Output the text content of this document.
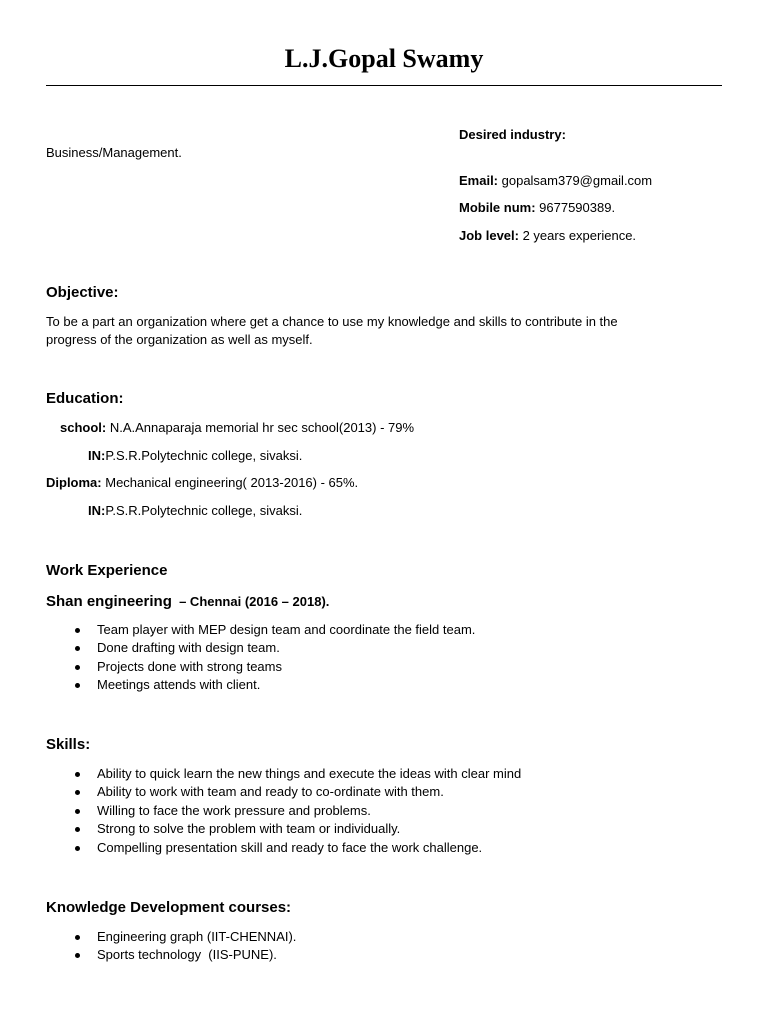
L.J.Gopal Swamy
Desired industry:
Business/Management.
Email: gopalsam379@gmail.com
Mobile num: 9677590389.
Job level: 2 years experience.
Objective:
To be a part an organization where get a chance to use my knowledge and skills to contribute in the
progress of the organization as well as myself.
Education:
school: N.A.Annaparaja memorial hr sec school(2013) - 79%
IN:P.S.R.Polytechnic college, sivaksi.
Diploma: Mechanical engineering( 2013-2016) - 65%.
IN:P.S.R.Polytechnic college, sivaksi.
Work Experience
Shan engineering  – Chennai (2016 – 2018).
Team player with MEP design team and coordinate the field team.
Done drafting with design team.
Projects done with strong teams
Meetings attends with client.
Skills:
Ability to quick learn the new things and execute the ideas with clear mind
Ability to work with team and ready to co-ordinate with them.
Willing to face the work pressure and problems.
Strong to solve the problem with team or individually.
Compelling presentation skill and ready to face the work challenge.
Knowledge Development courses:
Engineering graph (IIT-CHENNAI).
Sports technology  (IIS-PUNE).
